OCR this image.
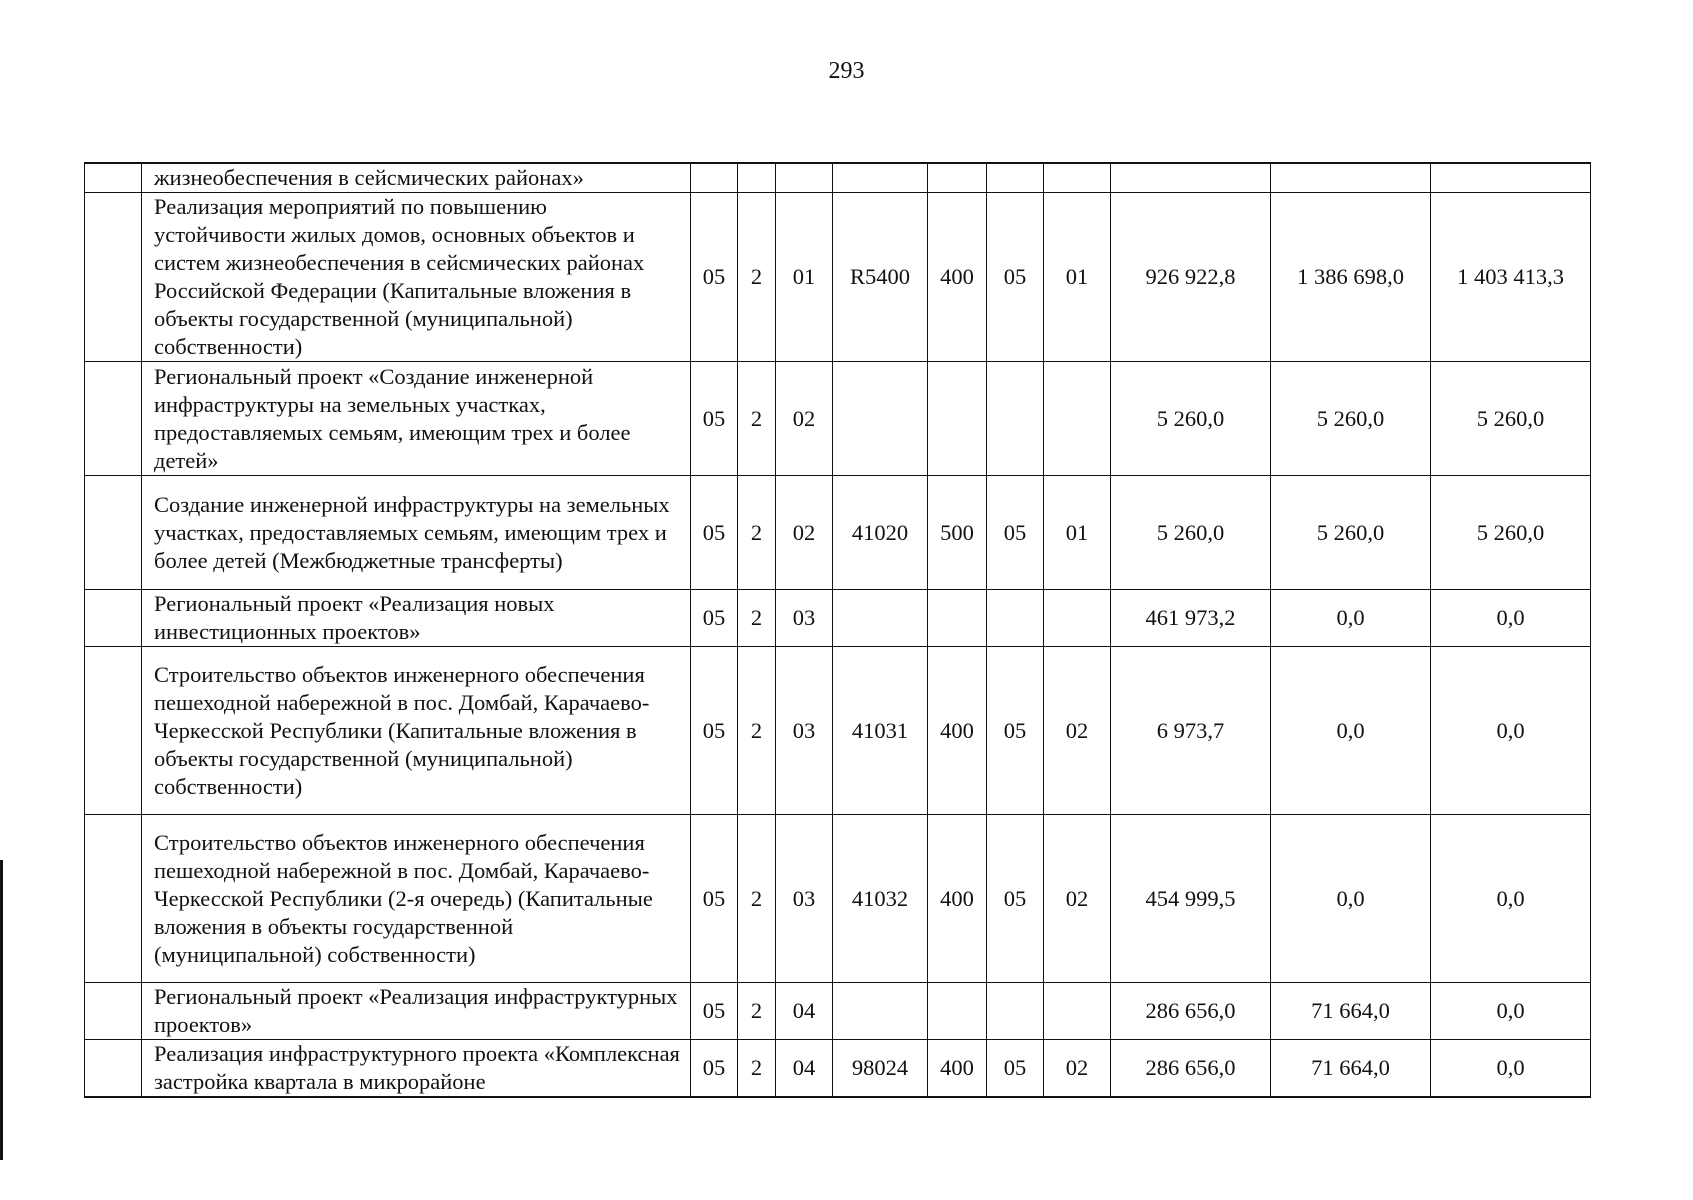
293
	жизнеобеспечения в сейсмических районах»										
	Реализация мероприятий по повышению устойчивости жилых домов, основных объектов и систем жизнеобеспечения в сейсмических районах Российской Федерации (Капитальные вложения в объекты государственной (муниципальной) собственности)	05	2	01	R5400	400	05	01	926 922,8	1 386 698,0	1 403 413,3
	Региональный проект «Создание инженерной инфраструктуры на земельных участках, предоставляемых семьям, имеющим трех и более детей»	05	2	02					5 260,0	5 260,0	5 260,0
	Создание инженерной инфраструктуры на земельных участках, предоставляемых семьям, имеющим трех и более детей (Межбюджетные трансферты)	05	2	02	41020	500	05	01	5 260,0	5 260,0	5 260,0
	Региональный проект «Реализация новых инвестиционных проектов»	05	2	03					461 973,2	0,0	0,0
	Строительство объектов инженерного обеспечения пешеходной набережной в пос. Домбай, Карачаево-Черкесской Республики (Капитальные вложения в объекты государственной (муниципальной) собственности)	05	2	03	41031	400	05	02	6 973,7	0,0	0,0
	Строительство объектов инженерного обеспечения пешеходной набережной в пос. Домбай, Карачаево-Черкесской Республики (2-я очередь) (Капитальные вложения в объекты государственной (муниципальной) собственности)	05	2	03	41032	400	05	02	454 999,5	0,0	0,0
	Региональный проект «Реализация инфраструктурных проектов»	05	2	04					286 656,0	71 664,0	0,0
	Реализация инфраструктурного проекта «Комплексная застройка квартала в микрорайоне	05	2	04	98024	400	05	02	286 656,0	71 664,0	0,0
